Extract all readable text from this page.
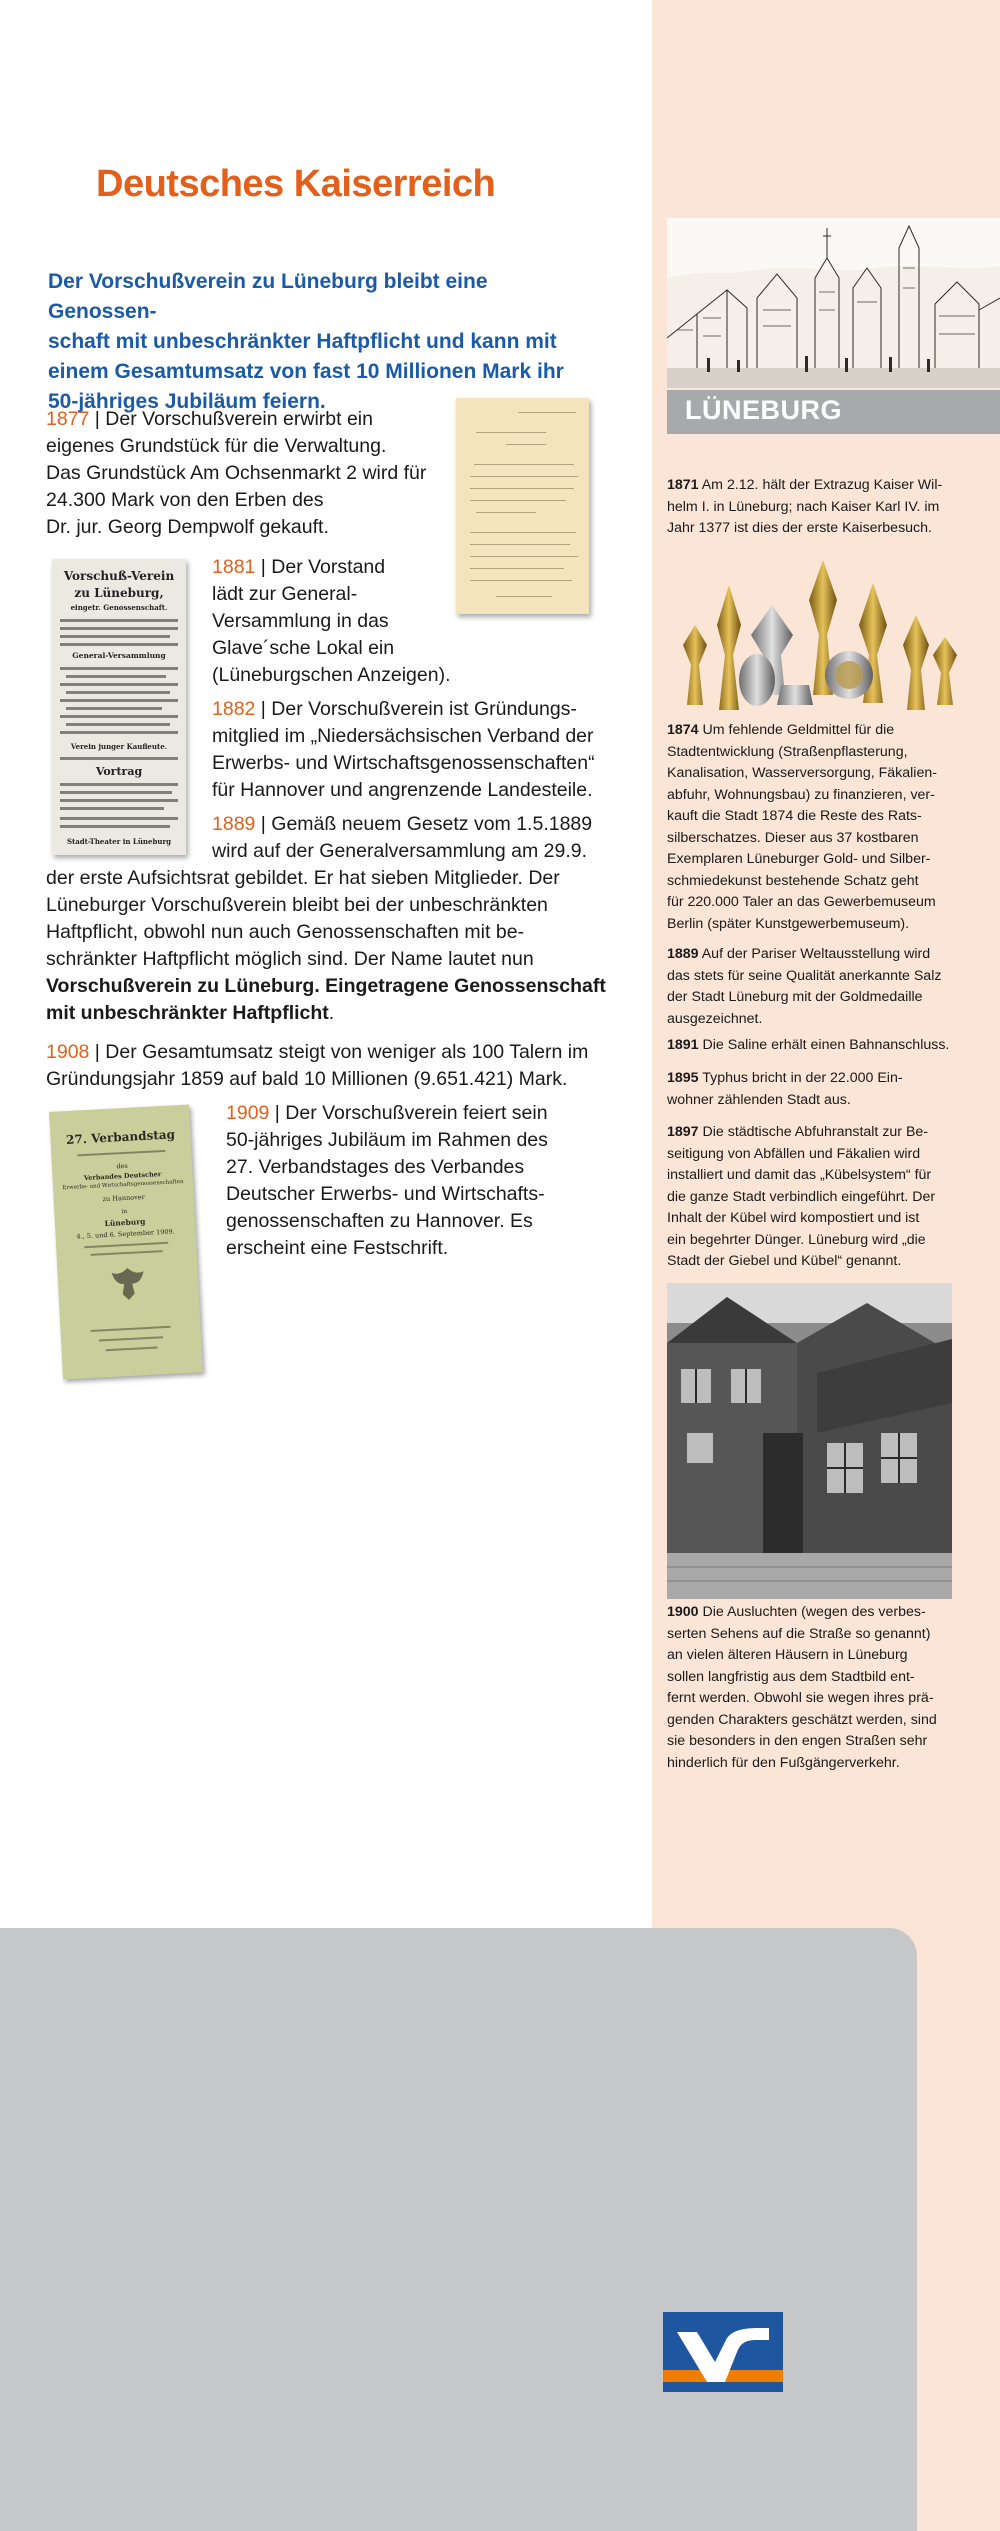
Deutsches Kaiserreich
Der Vorschußverein zu Lüneburg bleibt eine Genossen-
schaft mit unbeschränkter Haftpflicht und kann mit
einem Gesamtumsatz von fast 10 Millionen Mark ihr
50-jähriges Jubiläum feiern.
Vorschuß-Verein
zu Lüneburg,
eingetr. Genossenschaft.
General-Versammlung
Verein junger Kaufleute.
Vortrag
Stadt-Theater in Lüneburg
27. Verbandstag
des
Verbandes Deutscher
Erwerbs- und Wirtschaftsgenossenschaften
zu Hannover
in
Lüneburg
4., 5. und 6. September 1909.
1877 | Der Vorschußverein erwirbt ein
eigenes Grundstück für die Verwaltung.
Das Grundstück Am Ochsenmarkt 2 wird für
24.300 Mark von den Erben des
Dr. jur. Georg Dempwolf gekauft.
1881 | Der Vorstand
lädt zur General-
Versammlung in das
Glave´sche Lokal ein
(Lüneburgschen Anzeigen).
1882 | Der Vorschußverein ist Gründungs-
mitglied im „Niedersächsischen Verband der
Erwerbs- und Wirtschaftsgenossenschaften“
für Hannover und angrenzende Landesteile.
1889 | Gemäß neuem Gesetz vom 1.5.1889
wird auf der Generalversammlung am 29.9.
der erste Aufsichtsrat gebildet. Er hat sieben Mitglieder. Der
Lüneburger Vorschußverein bleibt bei der unbeschränkten
Haftpflicht, obwohl nun auch Genossenschaften mit be-
schränkter Haftpflicht möglich sind. Der Name lautet nun
Vorschußverein zu Lüneburg. Eingetragene Genossenschaft
mit unbeschränkter Haftpflicht.
1908 | Der Gesamtumsatz steigt von weniger als 100 Talern im
Gründungsjahr 1859 auf bald 10 Millionen (9.651.421) Mark.
1909 | Der Vorschußverein feiert sein
50-jähriges Jubiläum im Rahmen des
27. Verbandstages des Verbandes
Deutscher Erwerbs- und Wirtschafts-
genossenschaften zu Hannover. Es
erscheint eine Festschrift.
LÜNEBURG
1871 Am 2.12. hält der Extrazug Kaiser Wil-
helm I. in Lüneburg; nach Kaiser Karl IV. im
Jahr 1377 ist dies der erste Kaiserbesuch.
1874 Um fehlende Geldmittel für die
Stadtentwicklung (Straßenpflasterung,
Kanalisation, Wasserversorgung, Fäkalien-
abfuhr, Wohnungsbau) zu finanzieren, ver-
kauft die Stadt 1874 die Reste des Rats-
silberschatzes. Dieser aus 37 kostbaren
Exemplaren Lüneburger Gold- und Silber-
schmiedekunst bestehende Schatz geht
für 220.000 Taler an das Gewerbemuseum
Berlin (später Kunstgewerbemuseum).
1889 Auf der Pariser Weltausstellung wird
das stets für seine Qualität anerkannte Salz
der Stadt Lüneburg mit der Goldmedaille
ausgezeichnet.
1891 Die Saline erhält einen Bahnanschluss.
1895 Typhus bricht in der 22.000 Ein-
wohner zählenden Stadt aus.
1897 Die städtische Abfuhranstalt zur Be-
seitigung von Abfällen und Fäkalien wird
installiert und damit das „Kübelsystem“ für
die ganze Stadt verbindlich eingeführt. Der
Inhalt der Kübel wird kompostiert und ist
ein begehrter Dünger. Lüneburg wird „die
Stadt der Giebel und Kübel“ genannt.
1900 Die Ausluchten (wegen des verbes-
serten Sehens auf die Straße so genannt)
an vielen älteren Häusern in Lüneburg
sollen langfristig aus dem Stadtbild ent-
fernt werden. Obwohl sie wegen ihres prä-
genden Charakters geschätzt werden, sind
sie besonders in den engen Straßen sehr
hinderlich für den Fußgängerverkehr.
